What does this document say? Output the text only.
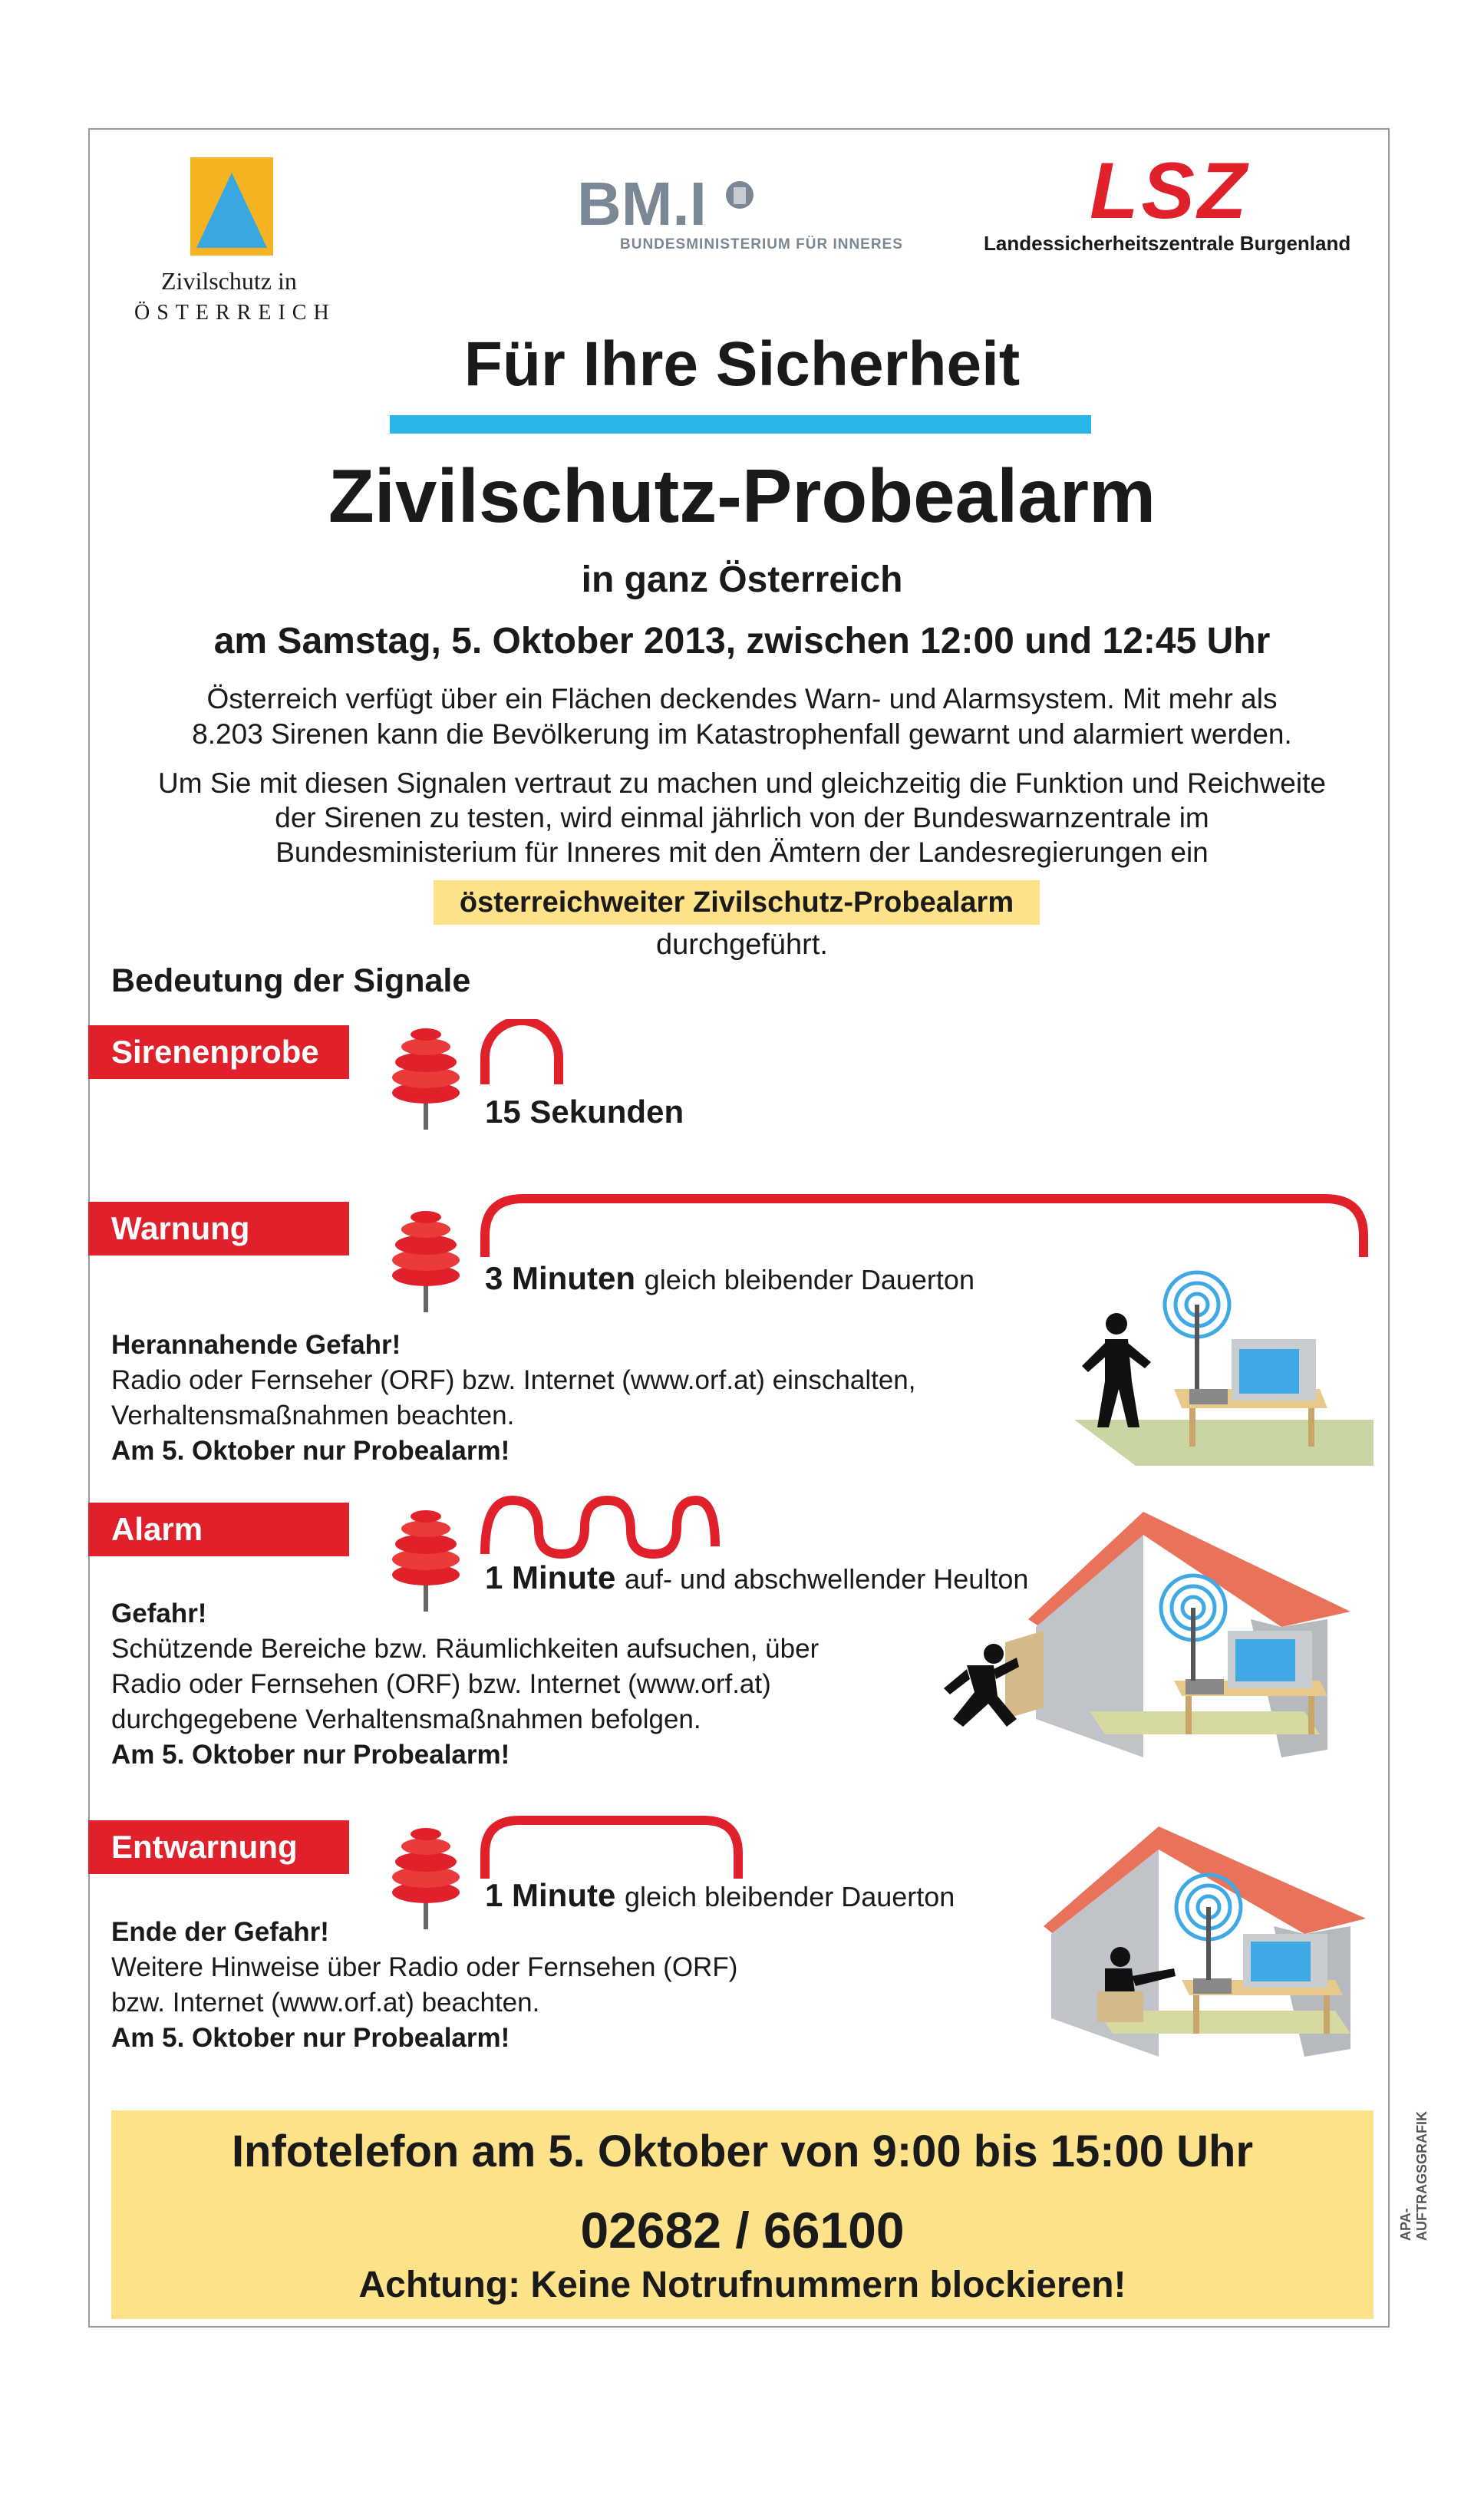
Zivilschutz in
ÖSTERREICH
BM.I
BUNDESMINISTERIUM FÜR INNERES
LSZ
Landessicherheitszentrale Burgenland
Für Ihre Sicherheit
Zivilschutz-Probealarm
in ganz Österreich
am Samstag, 5. Oktober 2013, zwischen 12:00 und 12:45 Uhr
Österreich verfügt über ein Flächen deckendes Warn- und Alarmsystem. Mit mehr als
8.203 Sirenen kann die Bevölkerung im Katastrophenfall gewarnt und alarmiert werden.
Um Sie mit diesen Signalen vertraut zu machen und gleichzeitig die Funktion und Reichweite
der Sirenen zu testen, wird einmal jährlich von der Bundeswarnzentrale im
Bundesministerium für Inneres mit den Ämtern der Landesregierungen ein
österreichweiter Zivilschutz-Probealarm
durchgeführt.
Bedeutung der Signale
Sirenenprobe
15 Sekunden
Warnung
3 Minuten gleich bleibender Dauerton
Herannahende Gefahr!
Radio oder Fernseher (ORF) bzw. Internet (www.orf.at) einschalten,
Verhaltensmaßnahmen beachten.
Am 5. Oktober nur Probealarm!
Alarm
1 Minute auf- und abschwellender Heulton
Gefahr!
Schützende Bereiche bzw. Räumlichkeiten aufsuchen, über
Radio oder Fernsehen (ORF) bzw. Internet (www.orf.at)
durchgegebene Verhaltensmaßnahmen befolgen.
Am 5. Oktober nur Probealarm!
Entwarnung
1 Minute gleich bleibender Dauerton
Ende der Gefahr!
Weitere Hinweise über Radio oder Fernsehen (ORF)
bzw. Internet (www.orf.at) beachten.
Am 5. Oktober nur Probealarm!
Infotelefon am 5. Oktober von 9:00 bis 15:00 Uhr
02682 / 66100
Achtung: Keine Notrufnummern blockieren!
APA-AUFTRAGSGRAFIK
